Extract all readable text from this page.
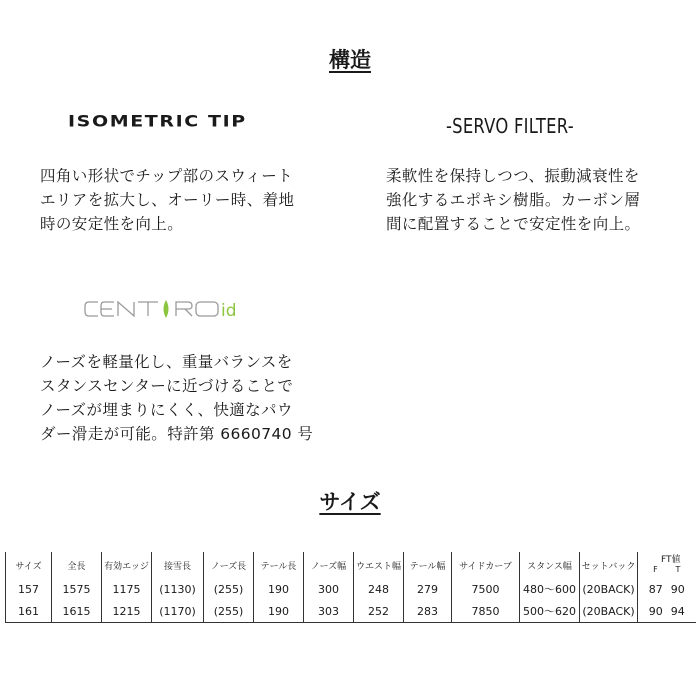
構造
ISOMETRIC TIP
四角い形状でチップ部のスウィート
エリアを拡大し、オーリー時、着地
時の安定性を向上。
-SERVO FILTER-
柔軟性を保持しつつ、振動減衰性を
強化するエポキシ樹脂。カーボン層
間に配置することで安定性を向上。
id
CENTROid
ノーズを軽量化し、重量バランスを
スタンスセンターに近づけることで
ノーズが埋まりにくく、快適なパウ
ダー滑走が可能。特許第 6660740 号
サイズ
サイズ	全長	有効エッジ	接雪長	ノーズ長	テール長	ノーズ幅	ウエスト幅	テール幅	サイドカーブ	スタンス幅	セットバック	FT値
F T

157	1575	1175	(1130)	(255)	190	300	248	279	7500	480～600	(20BACK)	87 90
161	1615	1215	(1170)	(255)	190	303	252	283	7850	500～620	(20BACK)	90 94
